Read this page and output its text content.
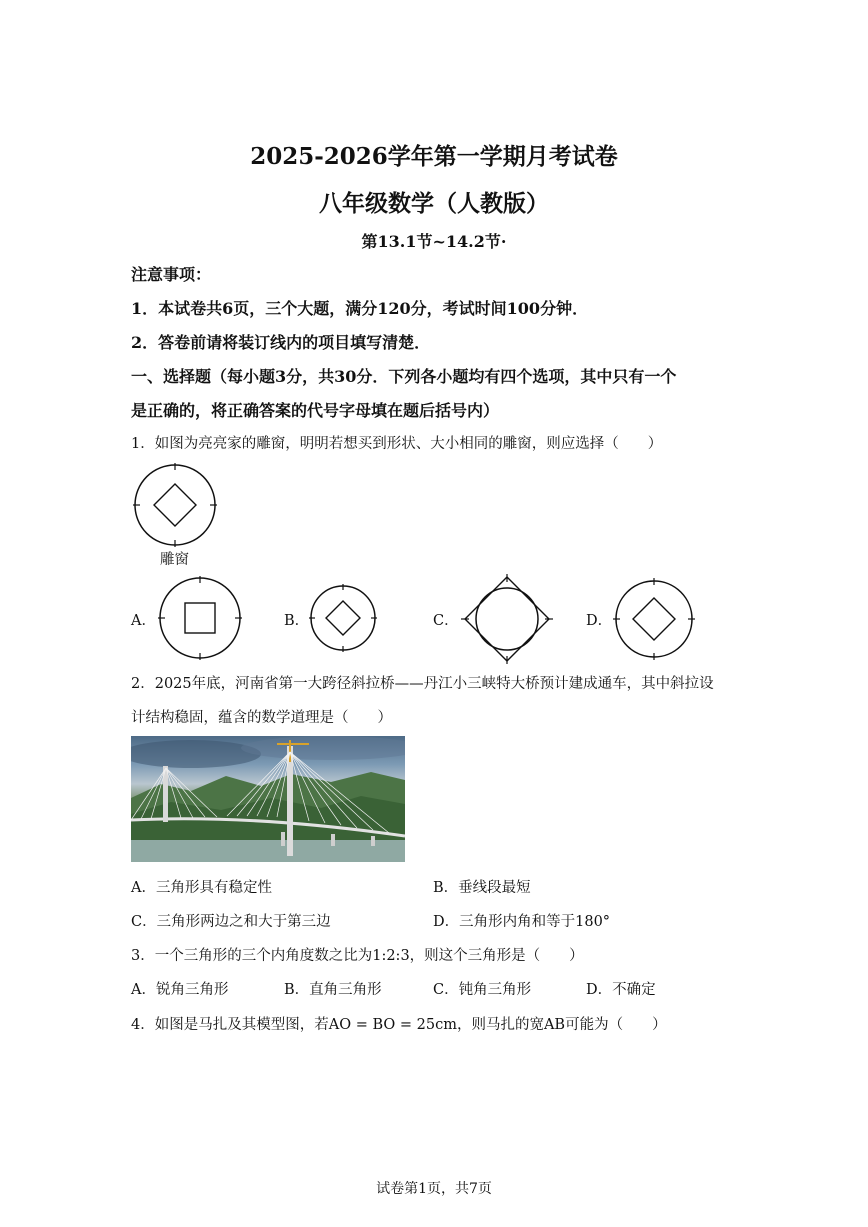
2025-2026学年第一学期月考试卷
八年级数学（人教版）
第13.1节~14.2节·
注意事项：
1．本试卷共6页，三个大题，满分120分，考试时间100分钟．
2．答卷前请将装订线内的项目填写清楚．
一、选择题（每小题3分，共30分．下列各小题均有四个选项，其中只有一个
是正确的，将正确答案的代号字母填在题后括号内）
1．如图为亮亮家的雕窗，明明若想买到形状、大小相同的雕窗，则应选择（　　）
雕窗
A．	B．	C．	D．
2．2025年底，河南省第一大跨径斜拉桥——丹江小三峡特大桥预计建成通车，其中斜拉设
计结构稳固，蕴含的数学道理是（　　）
A．三角形具有稳定性	B．垂线段最短
C．三角形两边之和大于第三边	D．三角形内角和等于180°
3．一个三角形的三个内角度数之比为1:2:3，则这个三角形是（　　）
A．锐角三角形	B．直角三角形	C．钝角三角形	D．不确定
4．如图是马扎及其模型图，若AO = BO = 25cm，则马扎的宽AB可能为（　　）
试卷第1页，共7页
